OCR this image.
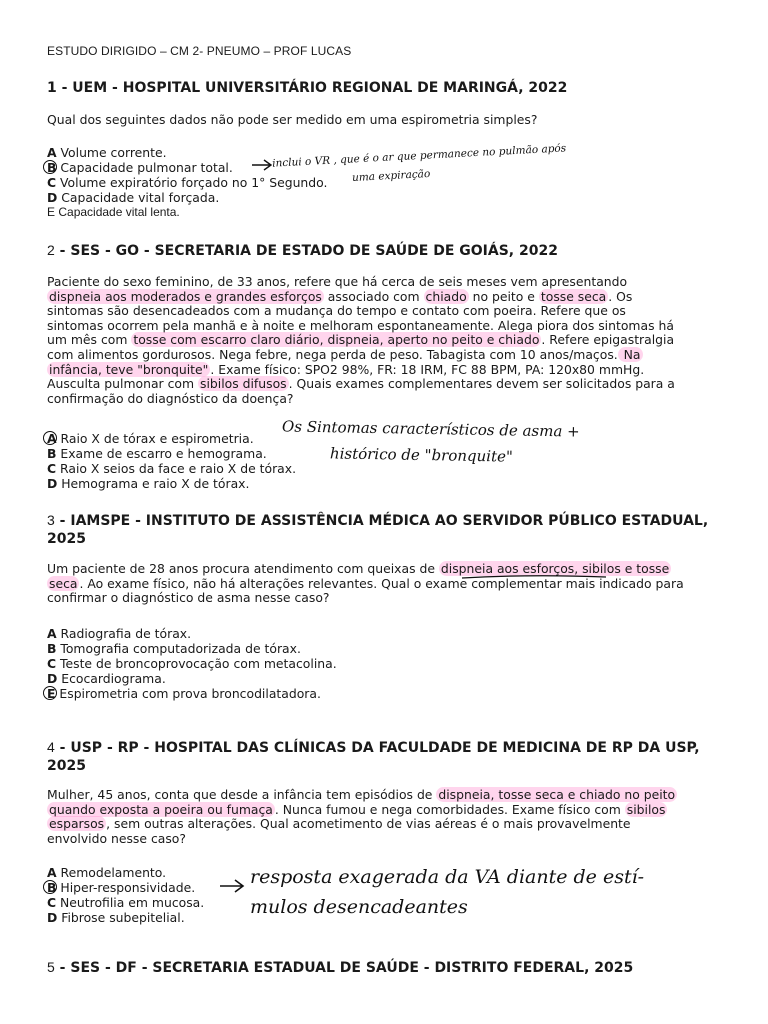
ESTUDO DIRIGIDO – CM 2- PNEUMO – PROF LUCAS
1 - UEM - HOSPITAL UNIVERSITÁRIO REGIONAL DE MARINGÁ, 2022
Qual dos seguintes dados não pode ser medido em uma espirometria simples?
A Volume corrente.
B Capacidade pulmonar total.
C Volume expiratório forçado no 1° Segundo.
D Capacidade vital forçada.
E Capacidade vital lenta.
inclui o VR , que é o ar que permanece no pulmão após
uma expiração
2 - SES - GO - SECRETARIA DE ESTADO DE SAÚDE DE GOIÁS, 2022
Paciente do sexo feminino, de 33 anos, refere que há cerca de seis meses vem apresentando
dispneia aos moderados e grandes esforços associado com chiado no peito e tosse seca . Os
sintomas são desencadeados com a mudança do tempo e contato com poeira. Refere que os
sintomas ocorrem pela manhã e à noite e melhoram espontaneamente. Alega piora dos sintomas há
um mês com tosse com escarro claro diário, dispneia, aperto no peito e chiado . Refere epigastralgia
com alimentos gordurosos. Nega febre, nega perda de peso. Tabagista com 10 anos/maços. Na
infância, teve "bronquite" . Exame físico: SPO2 98%, FR: 18 IRM, FC 88 BPM, PA: 120x80 mmHg.
Ausculta pulmonar com sibilos difusos . Quais exames complementares devem ser solicitados para a
confirmação do diagnóstico da doença?
A Raio X de tórax e espirometria.
B Exame de escarro e hemograma.
C Raio X seios da face e raio X de tórax.
D Hemograma e raio X de tórax.
Os Sintomas característicos de asma +
histórico de "bronquite"
3 - IAMSPE - INSTITUTO DE ASSISTÊNCIA MÉDICA AO SERVIDOR PÚBLICO ESTADUAL,
2025
Um paciente de 28 anos procura atendimento com queixas de dispneia aos esforços, sibilos e tosse
seca . Ao exame físico, não há alterações relevantes. Qual o exame complementar mais indicado para
confirmar o diagnóstico de asma nesse caso?
A Radiografia de tórax.
B Tomografia computadorizada de tórax.
C Teste de broncoprovocação com metacolina.
D Ecocardiograma.
E Espirometria com prova broncodilatadora.
4 - USP - RP - HOSPITAL DAS CLÍNICAS DA FACULDADE DE MEDICINA DE RP DA USP,
2025
Mulher, 45 anos, conta que desde a infância tem episódios de dispneia, tosse seca e chiado no peito
quando exposta a poeira ou fumaça . Nunca fumou e nega comorbidades. Exame físico com sibilos
esparsos , sem outras alterações. Qual acometimento de vias aéreas é o mais provavelmente
envolvido nesse caso?
A Remodelamento.
B Hiper-responsividade.
C Neutrofilia em mucosa.
D Fibrose subepitelial.
resposta exagerada da VA diante de estí-
mulos desencadeantes
5 - SES - DF - SECRETARIA ESTADUAL DE SAÚDE - DISTRITO FEDERAL, 2025
